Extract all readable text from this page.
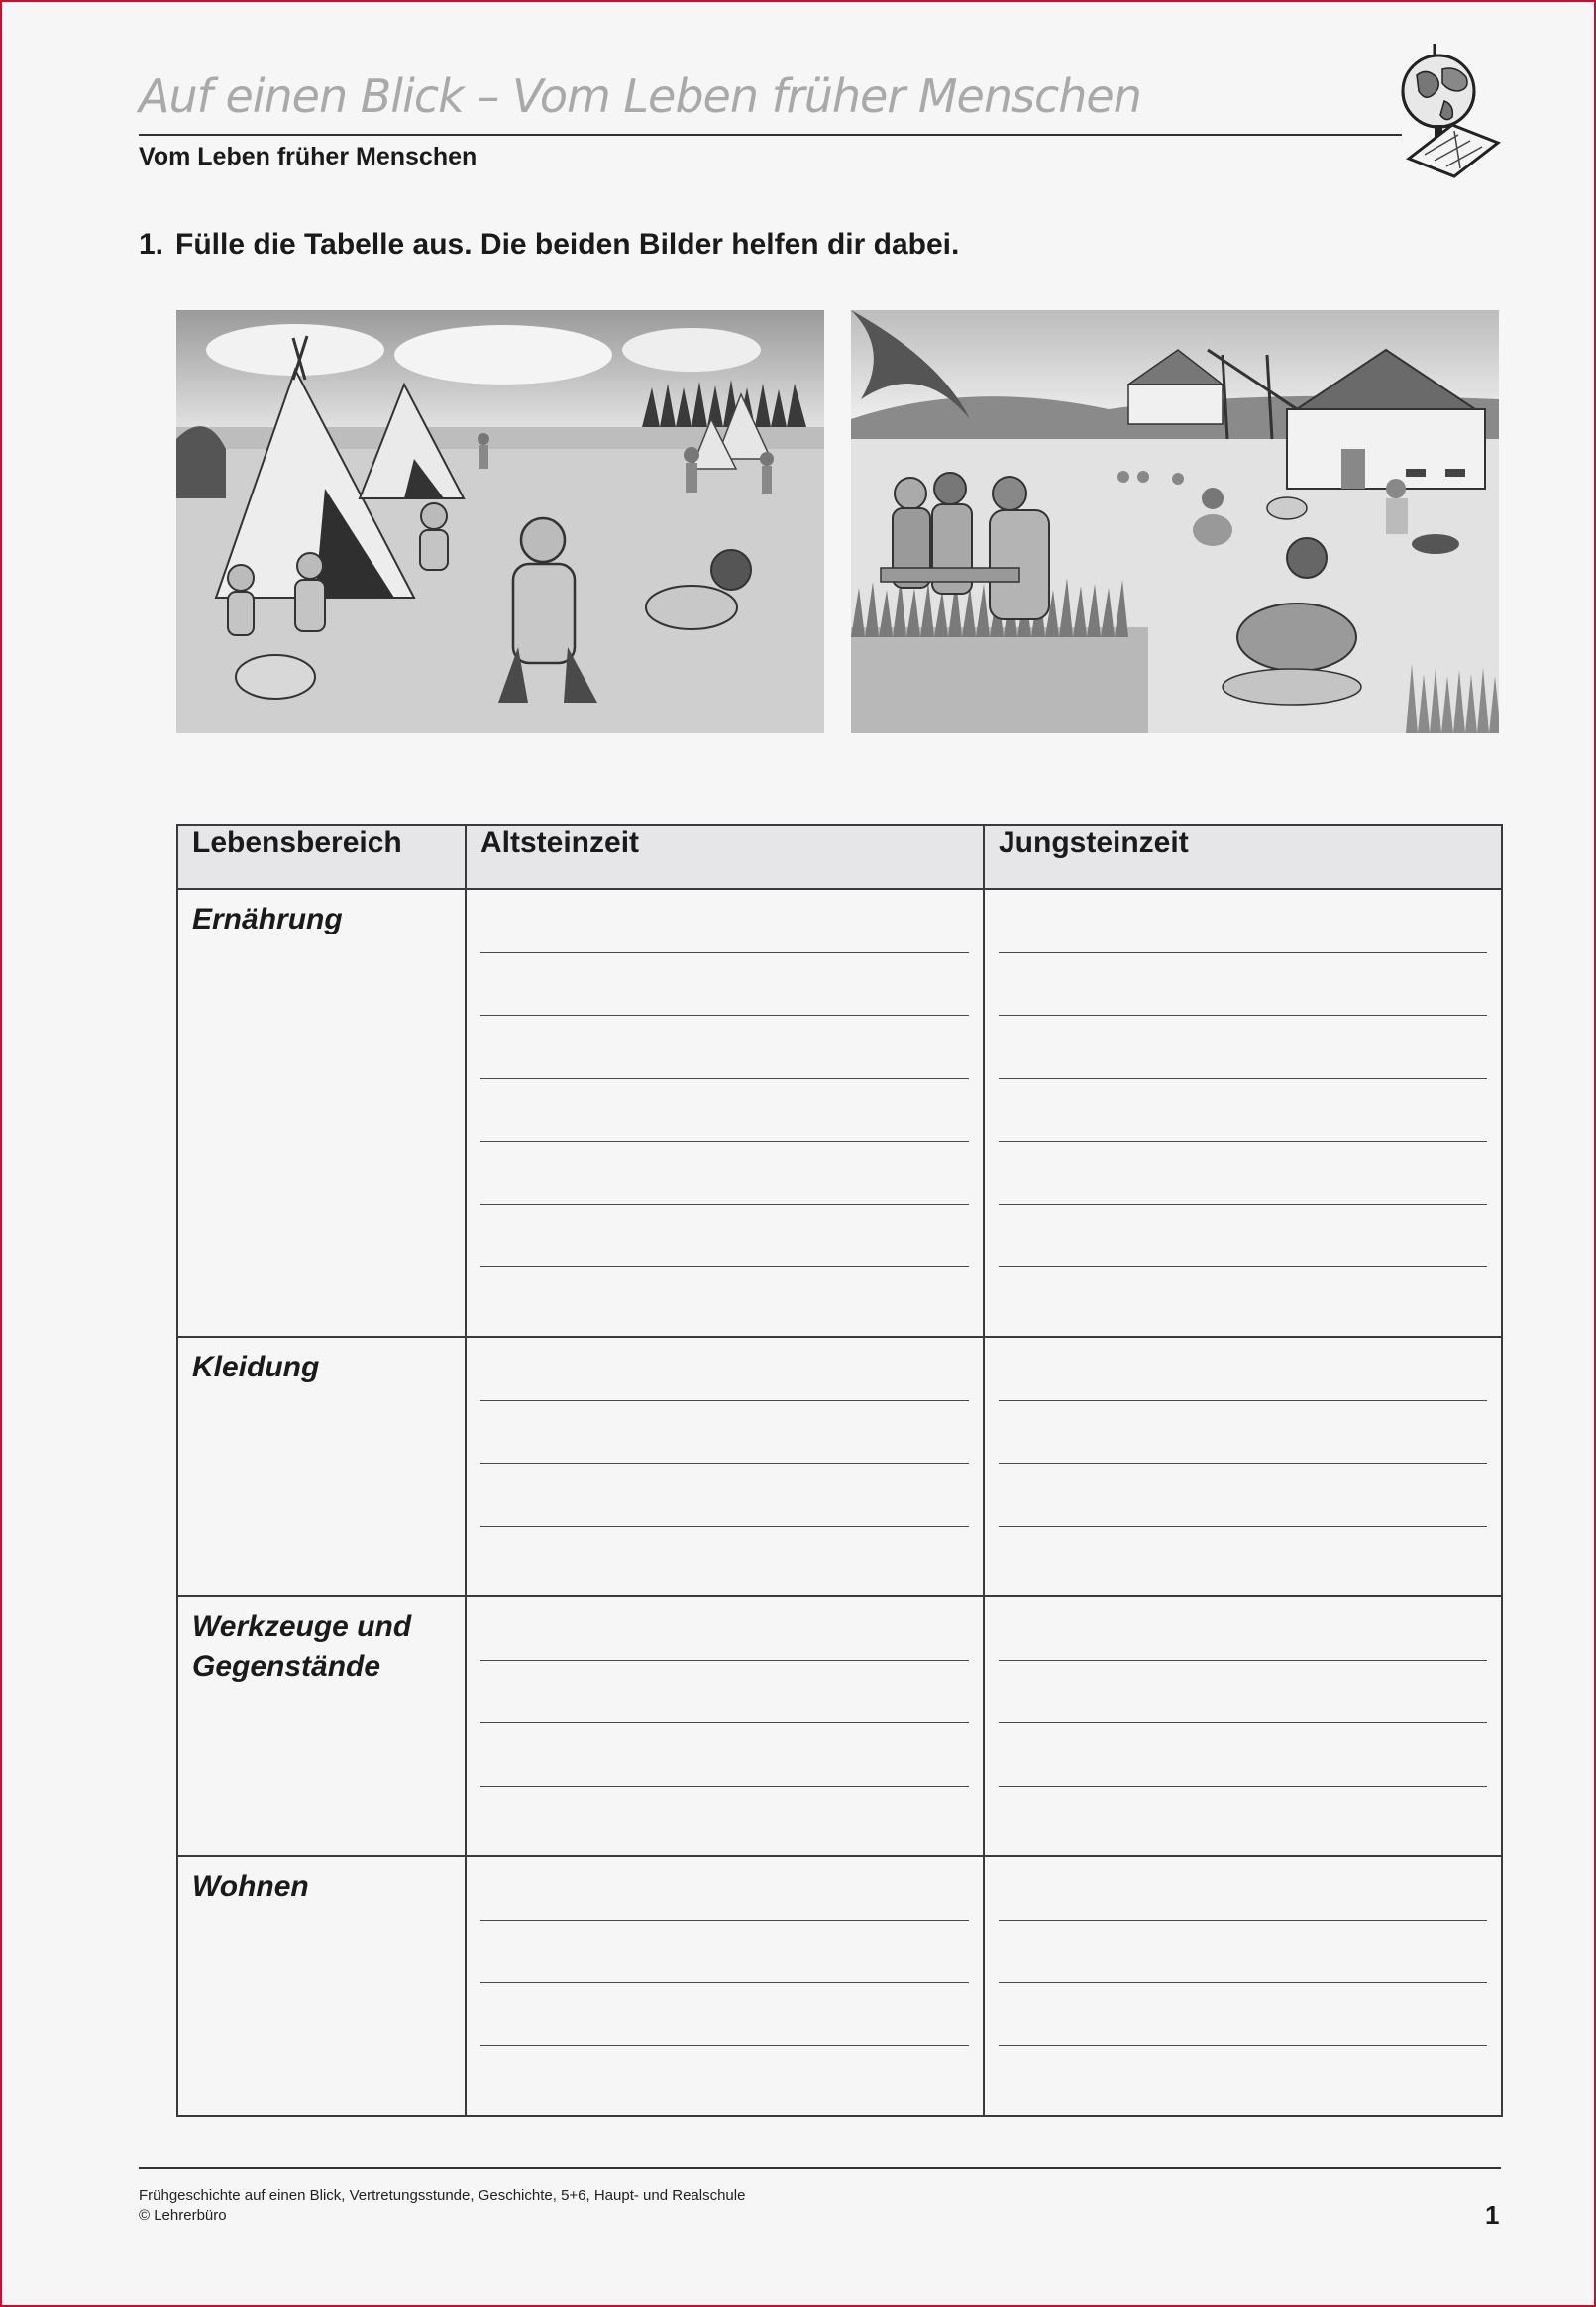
Auf einen Blick – Vom Leben früher Menschen
Vom Leben früher Menschen
1. Fülle die Tabelle aus. Die beiden Bilder helfen dir dabei.
Lebensbereich	Altsteinzeit	Jungsteinzeit

Ernährung		

Kleidung		

Werkzeuge und Gegenstände		

Wohnen		

Frühgeschichte auf einen Blick, Vertretungsstunde, Geschichte, 5+6, Haupt- und Realschule
© Lehrerbüro	1
